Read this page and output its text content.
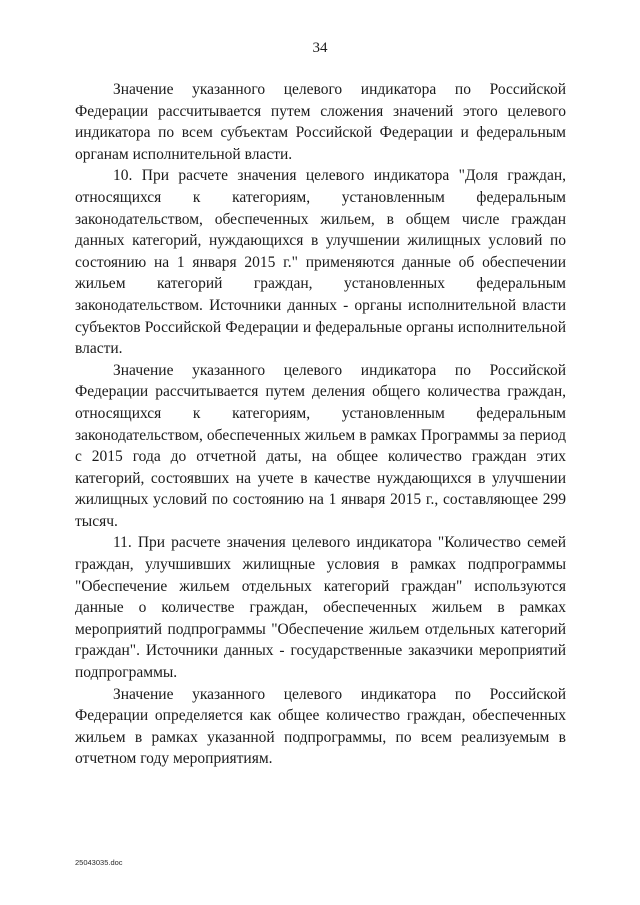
34

Значение указанного целевого индикатора по Российской Федерации рассчитывается путем сложения значений этого целевого индикатора по всем субъектам Российской Федерации и федеральным органам исполнительной власти.

10. При расчете значения целевого индикатора "Доля граждан, относящихся к категориям, установленным федеральным законодательством, обеспеченных жильем, в общем числе граждан данных категорий, нуждающихся в улучшении жилищных условий по состоянию на 1 января 2015 г." применяются данные об обеспечении жильем категорий граждан, установленных федеральным законодательством. Источники данных - органы исполнительной власти субъектов Российской Федерации и федеральные органы исполнительной власти.

Значение указанного целевого индикатора по Российской Федерации рассчитывается путем деления общего количества граждан, относящихся к категориям, установленным федеральным законодательством, обеспеченных жильем в рамках Программы за период с 2015 года до отчетной даты, на общее количество граждан этих категорий, состоявших на учете в качестве нуждающихся в улучшении жилищных условий по состоянию на 1 января 2015 г., составляющее 299 тысяч.

11. При расчете значения целевого индикатора "Количество семей граждан, улучшивших жилищные условия в рамках подпрограммы "Обеспечение жильем отдельных категорий граждан" используются данные о количестве граждан, обеспеченных жильем в рамках мероприятий подпрограммы "Обеспечение жильем отдельных категорий граждан". Источники данных - государственные заказчики мероприятий подпрограммы.

Значение указанного целевого индикатора по Российской Федерации определяется как общее количество граждан, обеспеченных жильем в рамках указанной подпрограммы, по всем реализуемым в отчетном году мероприятиям.

25043035.doc
